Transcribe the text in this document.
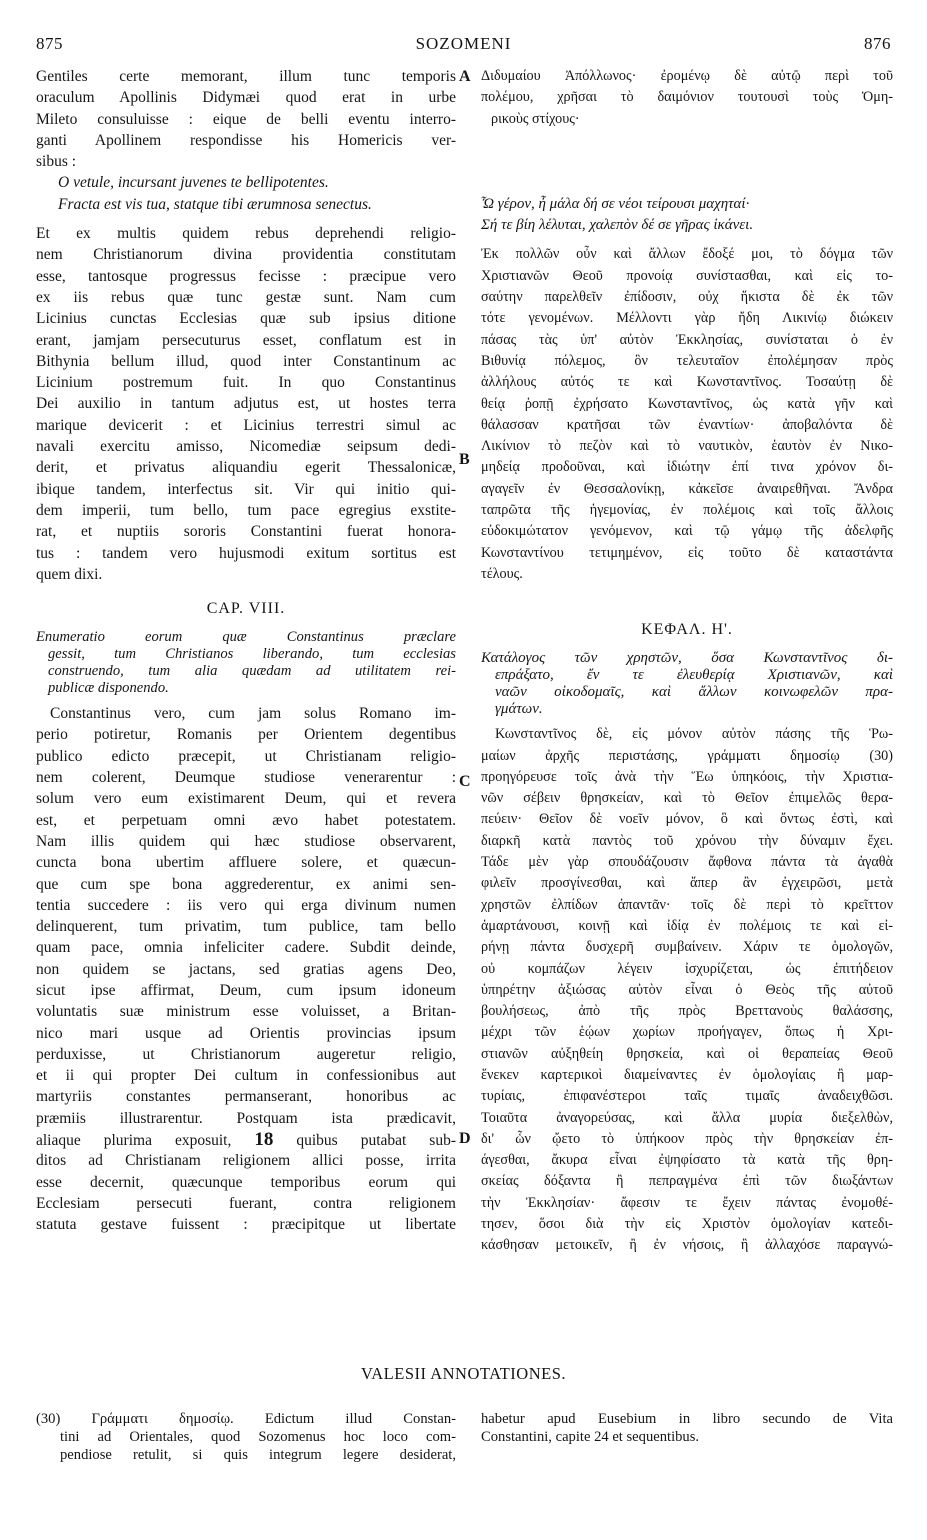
875	SOZOMENI	876
A
B
C
D
Gentiles certe memorant, illum tunc temporis
oraculum Apollinis Didymæi quod erat in urbe
Mileto consuluisse : eique de belli eventu interro-
ganti Apollinem respondisse his Homericis ver-
sibus :
O vetule, incursant juvenes te bellipotentes.
Fracta est vis tua, statque tibi ærumnosa senectus.
Et ex multis quidem rebus deprehendi religio-
nem Christianorum divina providentia constitutam
esse, tantosque progressus fecisse : præcipue vero
ex iis rebus quæ tunc gestæ sunt. Nam cum
Licinius cunctas Ecclesias quæ sub ipsius ditione
erant, jamjam persecuturus esset, conflatum est in
Bithynia bellum illud, quod inter Constantinum ac
Licinium postremum fuit. In quo Constantinus
Dei auxilio in tantum adjutus est, ut hostes terra
marique devicerit : et Licinius terrestri simul ac
navali exercitu amisso, Nicomediæ seipsum dedi-
derit, et privatus aliquandiu egerit Thessalonicæ,
ibique tandem, interfectus sit. Vir qui initio qui-
dem imperii, tum bello, tum pace egregius exstite-
rat, et nuptiis sororis Constantini fuerat honora-
tus : tandem vero hujusmodi exitum sortitus est
quem dixi.
CAP. VIII.
Enumeratio eorum quæ Constantinus præclare
gessit, tum Christianos liberando, tum ecclesias
construendo, tum alia quædam ad utilitatem rei-
publicæ disponendo.
Constantinus vero, cum jam solus Romano im-
perio potiretur, Romanis per Orientem degentibus
publico edicto præcepit, ut Christianam religio-
nem colerent, Deumque studiose venerarentur :
solum vero eum existimarent Deum, qui et revera
est, et perpetuam omni ævo habet potestatem.
Nam illis quidem qui hæc studiose observarent,
cuncta bona ubertim affluere solere, et quæcun-
que cum spe bona aggrederentur, ex animi sen-
tentia succedere : iis vero qui erga divinum numen
delinquerent, tum privatim, tum publice, tam bello
quam pace, omnia infeliciter cadere. Subdit deinde,
non quidem se jactans, sed gratias agens Deo,
sicut ipse affirmat, Deum, cum ipsum idoneum
voluntatis suæ ministrum esse voluisset, a Britan-
nico mari usque ad Orientis provincias ipsum
perduxisse, ut Christianorum augeretur religio,
et ii qui propter Dei cultum in confessionibus aut
martyriis constantes permanserant, honoribus ac
præmiis illustrarentur. Postquam ista prædicavit,
aliaque plurima exposuit, 18 quibus putabat sub-
ditos ad Christianam religionem allici posse, irrita
esse decernit, quæcunque temporibus eorum qui
Ecclesiam persecuti fuerant, contra religionem
statuta gestave fuissent : præcipitque ut libertate
Διδυμαίου Ἀπόλλωνος· ἐρομένῳ δὲ αὐτῷ περὶ τοῦ
πολέμου, χρῆσαι τὸ δαιμόνιον τουτουσὶ τοὺς Ὁμη-
ρικοὺς στίχους·
Ὦ γέρον, ἦ μάλα δή σε νέοι τείρουσι μαχηταί·
Σή τε βίη λέλυται, χαλεπὸν δέ σε γῆρας ἱκάνει.
Ἐκ πολλῶν οὖν καὶ ἄλλων ἔδοξέ μοι, τὸ δόγμα τῶν
Χριστιανῶν Θεοῦ προνοίᾳ συνίστασθαι, καὶ εἰς το-
σαύτην παρελθεῖν ἐπίδοσιν, οὐχ ἥκιστα δὲ ἐκ τῶν
τότε γενομένων. Μέλλοντι γὰρ ἤδη Λικινίῳ διώκειν
πάσας τὰς ὑπ' αὐτὸν Ἐκκλησίας, συνίσταται ὁ ἐν
Βιθυνίᾳ πόλεμος, ὃν τελευταῖον ἐπολέμησαν πρὸς
ἀλλήλους αὐτός τε καὶ Κωνσταντῖνος. Τοσαύτῃ δὲ
θείᾳ ῥοπῇ ἐχρήσατο Κωνσταντῖνος, ὡς κατὰ γῆν καὶ
θάλασσαν κρατῆσαι τῶν ἐναντίων· ἀποβαλόντα δὲ
Λικίνιον τὸ πεζὸν καὶ τὸ ναυτικὸν, ἑαυτὸν ἐν Νικο-
μηδείᾳ προδοῦναι, καὶ ἰδιώτην ἐπί τινα χρόνον δι-
αγαγεῖν ἐν Θεσσαλονίκῃ, κἀκεῖσε ἀναιρεθῆναι. Ἄνδρα
ταπρῶτα τῆς ἡγεμονίας, ἐν πολέμοις καὶ τοῖς ἄλλοις
εὐδοκιμώτατον γενόμενον, καὶ τῷ γάμῳ τῆς ἀδελφῆς
Κωνσταντίνου τετιμημένον, εἰς τοῦτο δὲ καταστάντα
τέλους.
ΚΕΦΑΛ. Η'.
Κατάλογος τῶν χρηστῶν, ὅσα Κωνσταντῖνος δι-
επράξατο, ἔν τε ἐλευθερίᾳ Χριστιανῶν, καὶ
ναῶν οἰκοδομαῖς, καὶ ἄλλων κοινωφελῶν πρα-
γμάτων.
Κωνσταντῖνος δὲ, εἰς μόνον αὐτὸν πάσης τῆς Ῥω-
μαίων ἀρχῆς περιστάσης, γράμματι δημοσίῳ (30)
προηγόρευσε τοῖς ἀνὰ τὴν Ἕω ὑπηκόοις, τὴν Χριστια-
νῶν σέβειν θρησκείαν, καὶ τὸ Θεῖον ἐπιμελῶς θερα-
πεύειν· Θεῖον δὲ νοεῖν μόνον, ὃ καὶ ὄντως ἐστὶ, καὶ
διαρκῆ κατὰ παντὸς τοῦ χρόνου τὴν δύναμιν ἔχει.
Τάδε μὲν γὰρ σπουδάζουσιν ἄφθονα πάντα τὰ ἀγαθὰ
φιλεῖν προσγίνεσθαι, καὶ ἅπερ ἂν ἐγχειρῶσι, μετὰ
χρηστῶν ἐλπίδων ἀπαντᾶν· τοῖς δὲ περὶ τὸ κρεῖττον
ἁμαρτάνουσι, κοινῇ καὶ ἰδίᾳ ἐν πολέμοις τε καὶ εἰ-
ρήνῃ πάντα δυσχερῆ συμβαίνειν. Χάριν τε ὁμολογῶν,
οὐ κομπάζων λέγειν ἰσχυρίζεται, ὡς ἐπιτήδειον
ὑπηρέτην ἀξιώσας αὐτὸν εἶναι ὁ Θεὸς τῆς αὐτοῦ
βουλήσεως, ἀπὸ τῆς πρὸς Βρεττανοὺς θαλάσσης,
μέχρι τῶν ἑῴων χωρίων προήγαγεν, ὅπως ἡ Χρι-
στιανῶν αὐξηθείη θρησκεία, καὶ οἱ θεραπείας Θεοῦ
ἕνεκεν καρτερικοὶ διαμείναντες ἐν ὁμολογίαις ἢ μαρ-
τυρίαις, ἐπιφανέστεροι ταῖς τιμαῖς ἀναδειχθῶσι.
Τοιαῦτα ἀναγορεύσας, καὶ ἄλλα μυρία διεξελθὼν,
δι' ὧν ᾤετο τὸ ὑπήκοον πρὸς τὴν θρησκείαν ἐπ-
άγεσθαι, ἄκυρα εἶναι ἐψηφίσατο τὰ κατὰ τῆς θρη-
σκείας δόξαντα ἢ πεπραγμένα ἐπὶ τῶν διωξάντων
τὴν Ἐκκλησίαν· ἄφεσιν τε ἔχειν πάντας ἐνομοθέ-
τησεν, ὅσοι διὰ τὴν εἰς Χριστὸν ὁμολογίαν κατεδι-
κάσθησαν μετοικεῖν, ἢ ἐν νήσοις, ἢ ἀλλαχόσε παραγνώ-
VALESII ANNOTATIONES.
(30) Γράμματι δημοσίῳ. Edictum illud Constan-
tini ad Orientales, quod Sozomenus hoc loco com-
pendiose retulit, si quis integrum legere desiderat,
habetur apud Eusebium in libro secundo de Vita
Constantini, capite 24 et sequentibus.
